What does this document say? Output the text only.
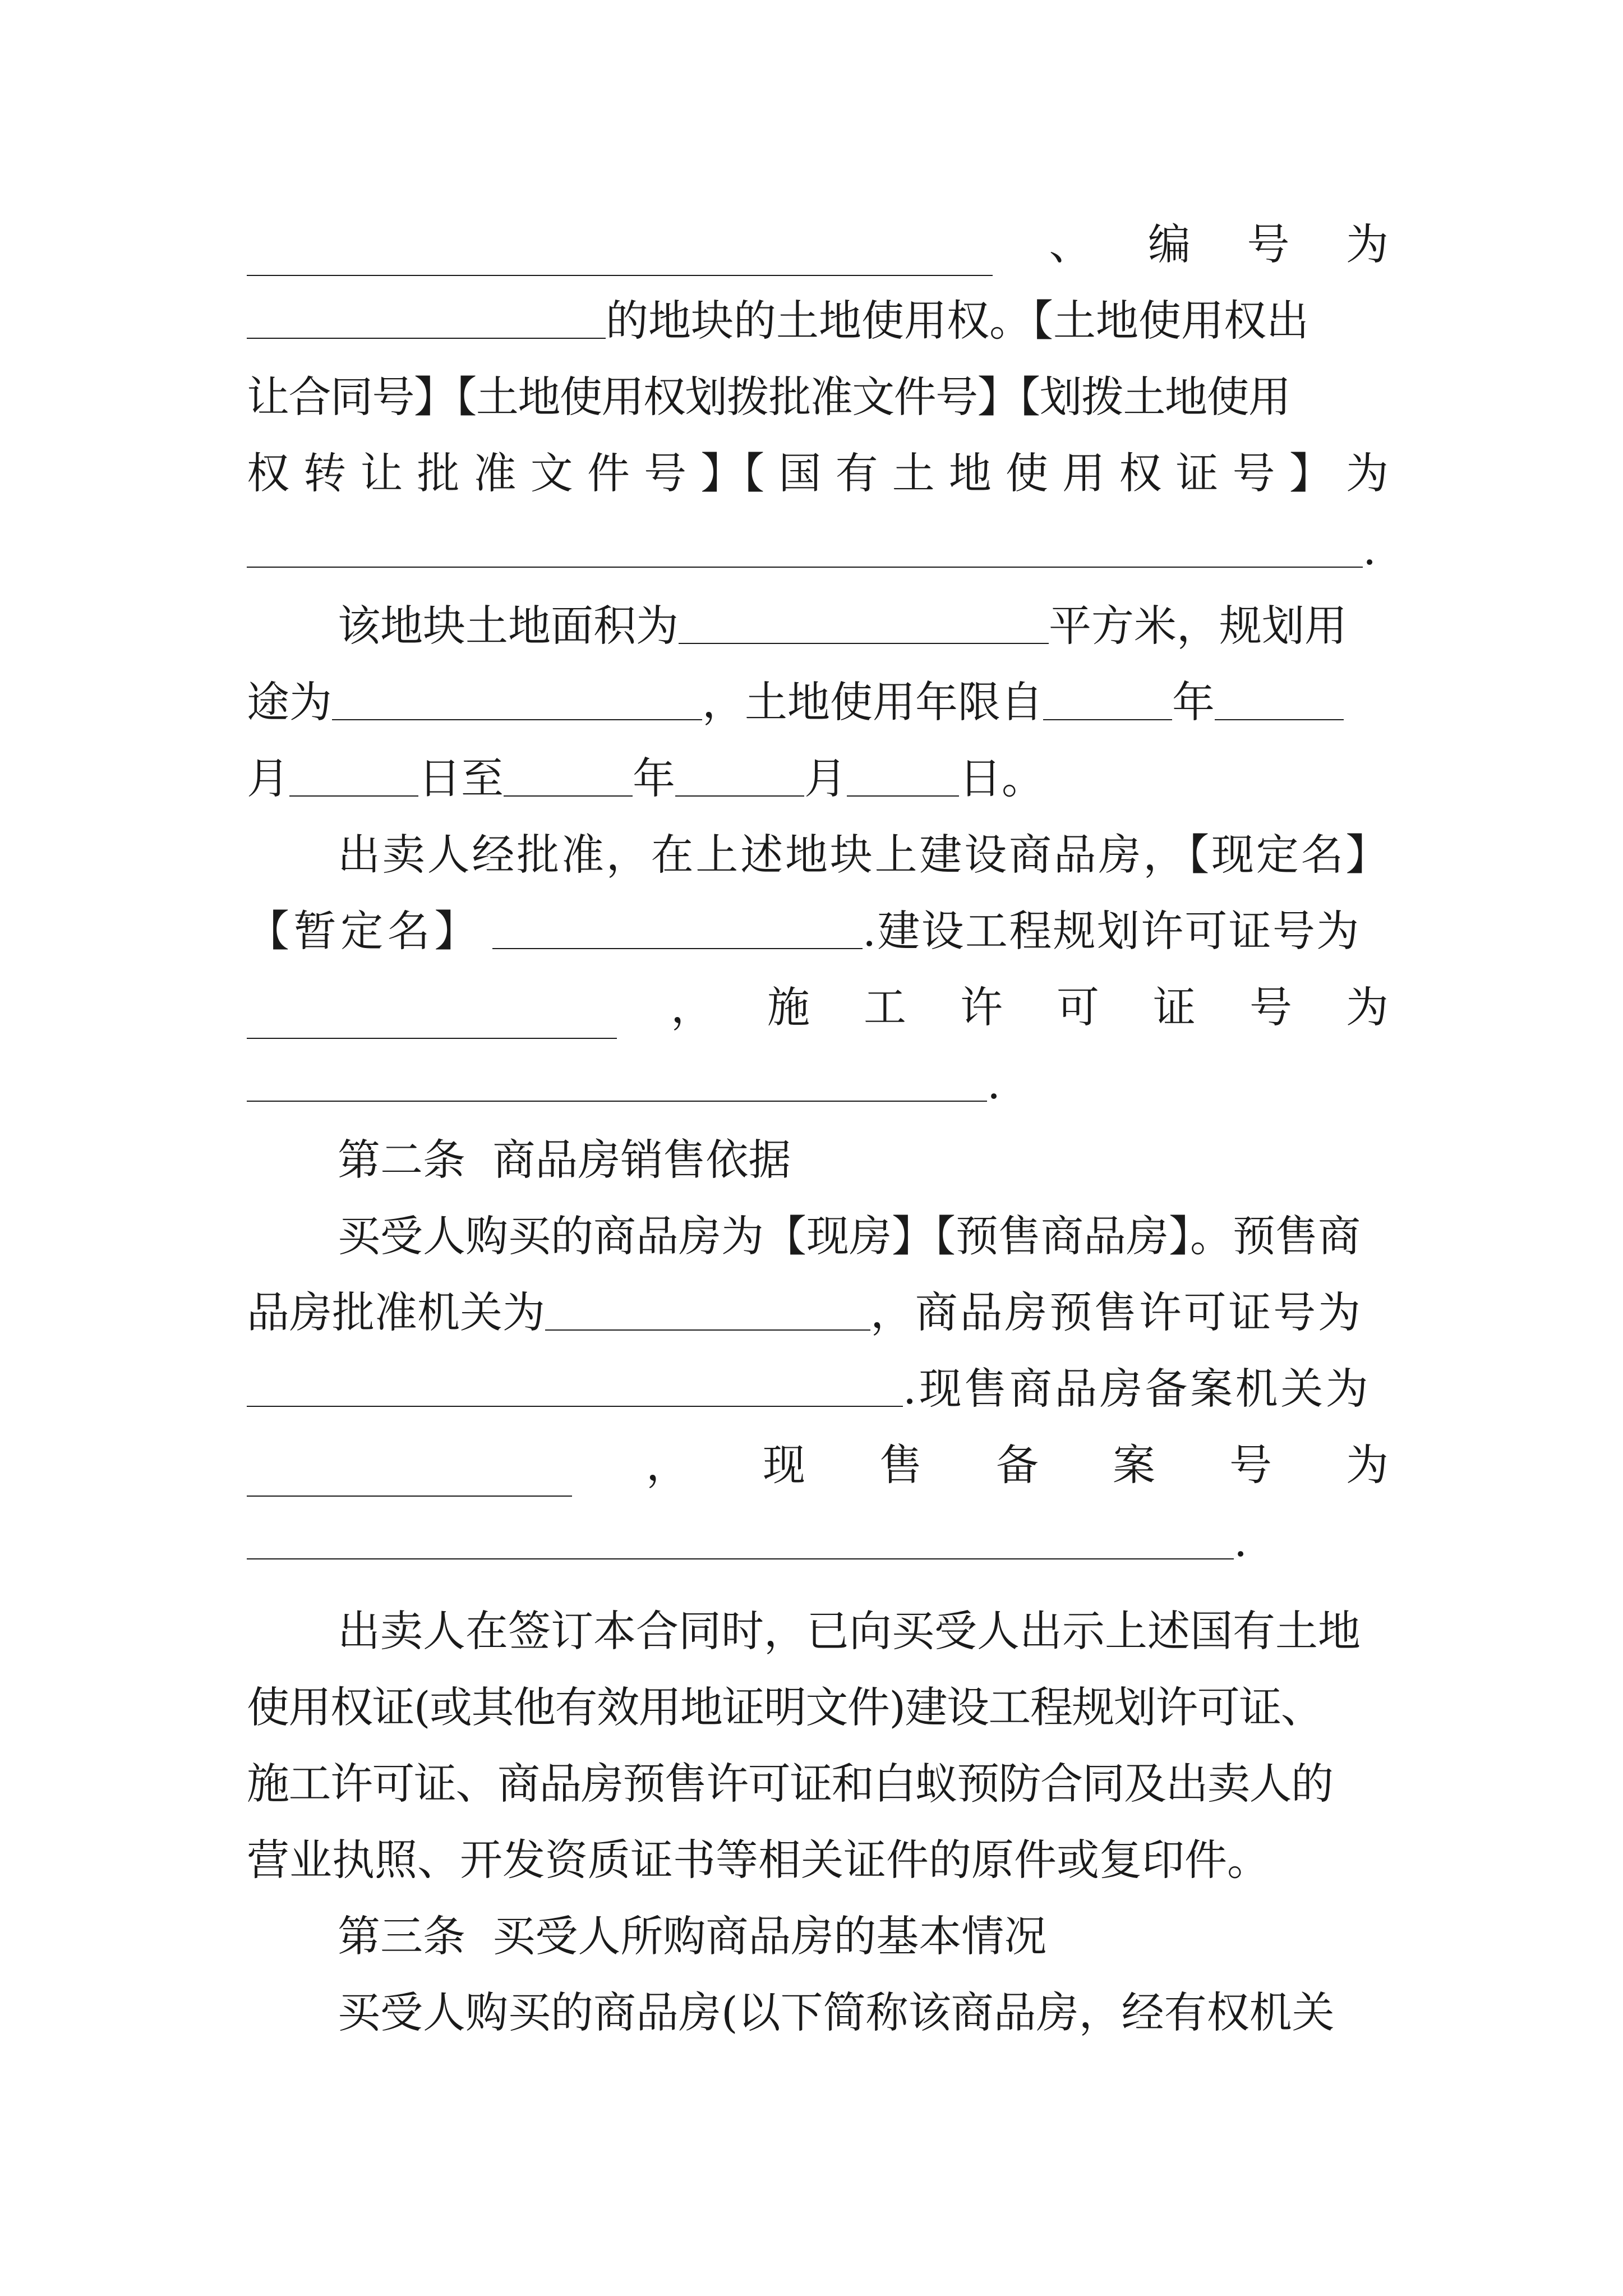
、 编 号 为
的地块的土地使用权。【土地使用权出
让合同号】【土地使用权划拨批准文件号】【划拨土地使用
权 转 让 批 准 文 件 号 】【 国 有 土 地 使 用 权 证 号 】 为
.
该地块土地面积为	平方米，规划用
途为	，土地使用年限自	年
月	日至	年	月	日。
出卖人经批准，在上述地块上建设商品房，【现定名】
【暂定名】	.建设工程规划许可证号为
， 施 工 许 可 证 号 为
.
第二条  商品房销售依据
买受人购买的商品房为【现房】【预售商品房】。预售商
品房批准机关为	，商品房预售许可证号为
.现售商品房备案机关为
， 现 售 备 案 号 为
.
出卖人在签订本合同时，已向买受人出示上述国有土地
使用权证(或其他有效用地证明文件)建设工程规划许可证、
施工许可证、商品房预售许可证和白蚁预防合同及出卖人的
营业执照、开发资质证书等相关证件的原件或复印件。
第三条  买受人所购商品房的基本情况
买受人购买的商品房(以下简称该商品房，经有权机关
